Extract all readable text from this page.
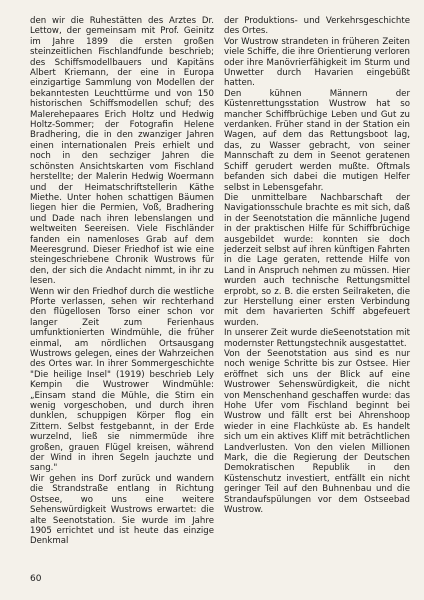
den wir die Ruhestätten des Arztes Dr. Lettow, der gemeinsam mit Prof. Geinitz im Jahre 1899 die ersten großen steinzeitlichen Fischlandfunde beschrieb; des Schiffsmodellbauers und Kapitäns Albert Kriemann, der eine in Europa einzigartige Sammlung von Modellen der bekanntesten Leuchttürme und von 150 historischen Schiffsmodellen schuf; des Malerehepaares Erich Holtz und Hedwig Holtz-Sommer; der Fotografin Helene Bradhering, die in den zwanziger Jahren einen internationalen Preis erhielt und noch in den sechziger Jahren die schönsten Ansichtskarten vom Fischland herstellte; der Malerin Hedwig Woermann und der Heimatschriftstellerin Käthe Miethe. Unter hohen schattigen Bäumen liegen hier die Permien, Voß, Bradhering und Dade nach ihren lebenslangen und weltweiten Seereisen. Viele Fischländer fanden ein namenloses Grab auf dem Meeresgrund. Dieser Friedhof ist wie eine steingeschriebene Chronik Wustrows für den, der sich die Andacht nimmt, in ihr zu lesen.

Wenn wir den Friedhof durch die westliche Pforte verlassen, sehen wir rechterhand den flügellosen Torso einer schon vor langer Zeit zum Ferienhaus umfunktionierten Windmühle, die früher einmal, am nördlichen Ortsausgang Wustrows gelegen, eines der Wahrzeichen des Ortes war. In ihrer Sommergeschichte "Die heilige Insel" (1919) beschrieb Lely Kempin die Wustrower Windmühle: „Einsam stand die Mühle, die Stirn ein wenig vorgeschoben, und durch ihren dunklen, schuppigen Körper flog ein Zittern. Selbst festgebannt, in der Erde wurzelnd, ließ sie nimmermüde ihre großen, grauen Flügel kreisen, während der Wind in ihren Segeln jauchzte und sang."

Wir gehen ins Dorf zurück und wandern die Strandstraße entlang in Richtung Ostsee, wo uns eine weitere Sehenswürdigkeit Wustrows erwartet: die alte Seenotstation. Sie wurde im Jahre 1905 errichtet und ist heute das einzige Denkmal

der Produktions- und Verkehrsgeschichte des Ortes.

Vor Wustrow strandeten in früheren Zeiten viele Schiffe, die ihre Orientierung verloren oder ihre Manövrierfähigkeit im Sturm und Unwetter durch Havarien eingebüßt hatten.

Den kühnen Männern der Küstenrettungsstation Wustrow hat so mancher Schiffbrüchige Leben und Gut zu verdanken. Früher stand in der Station ein Wagen, auf dem das Rettungsboot lag, das, zu Wasser gebracht, von seiner Mannschaft zu dem in Seenot geratenen Schiff gerudert werden mußte. Oftmals befanden sich dabei die mutigen Helfer selbst in Lebensgefahr.

Die unmittelbare Nachbarschaft der Navigationsschule brachte es mit sich, daß in der Seenotstation die männliche Jugend in der praktischen Hilfe für Schiffbrüchige ausgebildet wurde: konnten sie doch jederzeit selbst auf ihren künftigen Fahrten in die Lage geraten, rettende Hilfe von Land in Anspruch nehmen zu müssen. Hier wurden auch technische Rettungsmittel erprobt, so z. B. die ersten Seilraketen, die zur Herstellung einer ersten Verbindung mit dem havarierten Schiff abgefeuert wurden.

In unserer Zeit wurde dieSeenotstation mit modernster Rettungstechnik ausgestattet.

Von der Seenotstation aus sind es nur noch wenige Schritte bis zur Ostsee. Hier eröffnet sich uns der Blick auf eine Wustrower Sehenswürdigkeit, die nicht von Menschenhand geschaffen wurde: das Hohe Ufer vom Fischland beginnt bei Wustrow und fällt erst bei Ahrenshoop wieder in eine Flachküste ab. Es handelt sich um ein aktives Kliff mit beträchtlichen Landverlusten. Von den vielen Millionen Mark, die die Regierung der Deutschen Demokratischen Republik in den Küstenschutz investiert, entfällt ein nicht geringer Teil auf den Buhnenbau und die Strandaufspülungen vor dem Ostseebad Wustrow.

60
